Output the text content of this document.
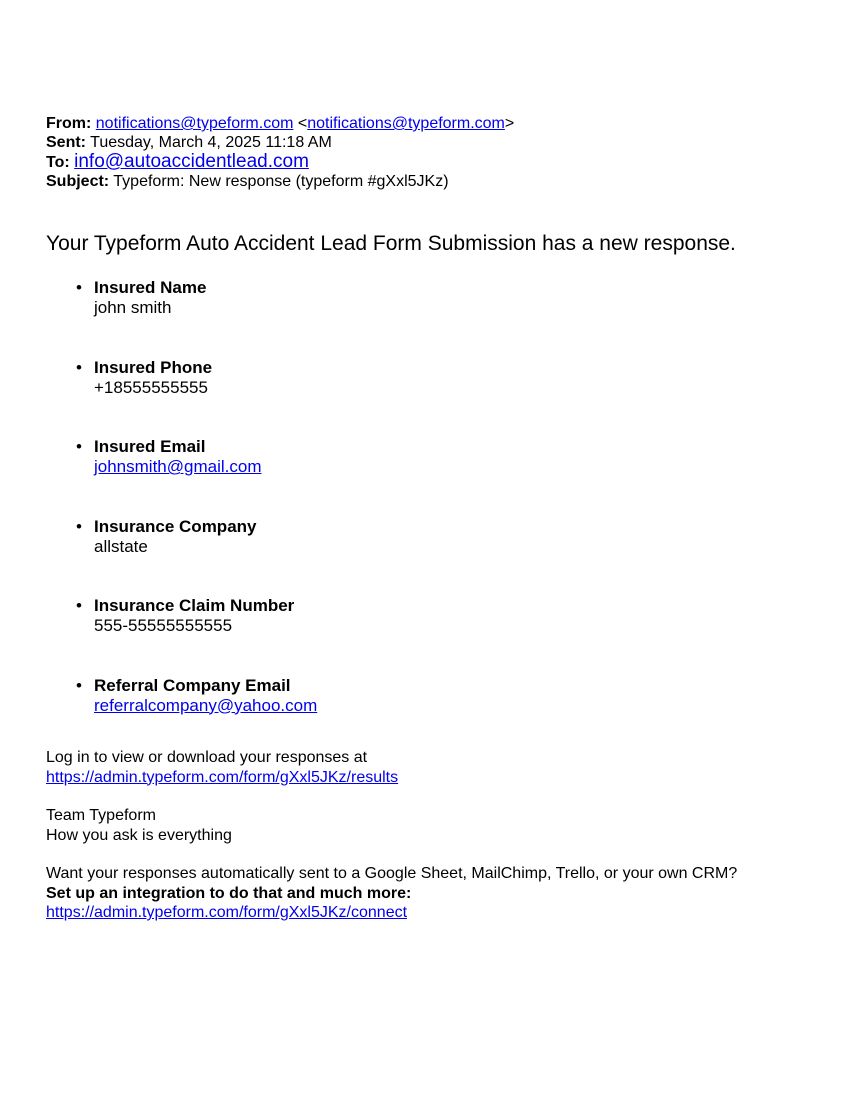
From: notifications@typeform.com <notifications@typeform.com>
Sent: Tuesday, March 4, 2025 11:18 AM
To: info@autoaccidentlead.com
Subject: Typeform: New response (typeform #gXxl5JKz)
Your Typeform Auto Accident Lead Form Submission has a new response.
• Insured Name
john smith
• Insured Phone
+18555555555
• Insured Email
johnsmith@gmail.com
• Insurance Company
allstate
• Insurance Claim Number
555-55555555555
• Referral Company Email
referralcompany@yahoo.com
Log in to view or download your responses at
https://admin.typeform.com/form/gXxl5JKz/results
Team Typeform
How you ask is everything
Want your responses automatically sent to a Google Sheet, MailChimp, Trello, or your own CRM?
Set up an integration to do that and much more:
https://admin.typeform.com/form/gXxl5JKz/connect
